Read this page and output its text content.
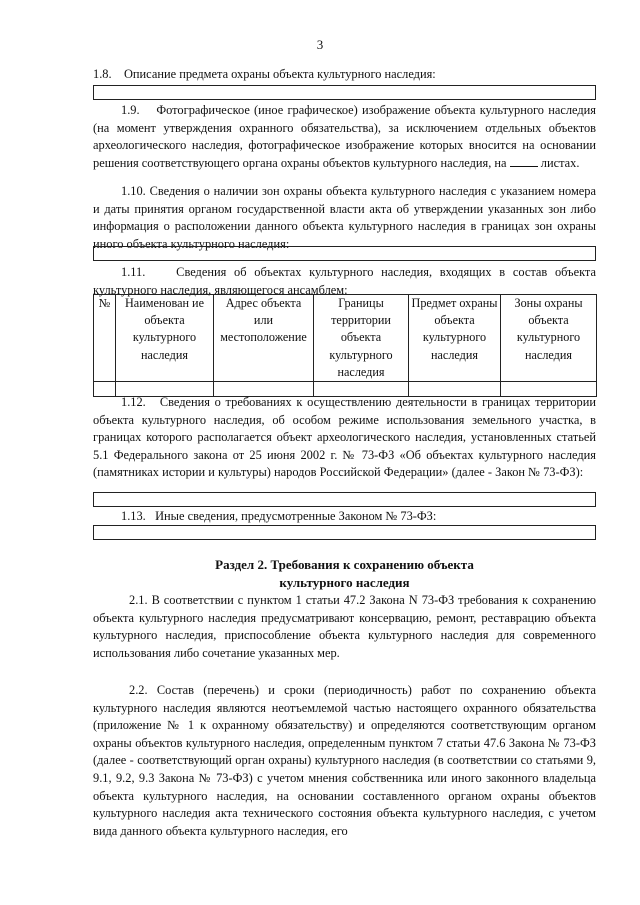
3

1.8.    Описание предмета охраны объекта культурного наследия:

1.9.    Фотографическое (иное графическое) изображение объекта культурного наследия (на момент утверждения охранного обязательства), за исключением отдельных объектов археологического наследия, фотографическое изображение которых вносится на основании решения соответствующего органа охраны объектов культурного наследия, на	листах.

1.10. Сведения о наличии зон охраны объекта культурного наследия с указанием номера и даты принятия органом государственной власти акта об утверждении указанных зон либо информация о расположении данного объекта культурного наследия в границах зон охраны иного объекта культурного наследия:

1.11.    Сведения об объектах культурного наследия, входящих в состав объекта культурного наследия, являющегося ансамблем:

№	Наименован ие объекта культурного наследия	Адрес объекта или местоположение	Границы территории объекта культурного наследия	Предмет охраны объекта культурного наследия	Зоны охраны объекта культурного наследия

1.12.   Сведения о требованиях к осуществлению деятельности в границах территории объекта культурного наследия, об особом режиме использования земельного участка, в границах которого располагается объект археологического наследия, установленных статьей 5.1 Федерального закона от 25 июня 2002 г. № 73-ФЗ «Об объектах культурного наследия (памятниках истории и культуры) народов Российской Федерации» (далее - Закон № 73-ФЗ):

1.13.   Иные сведения, предусмотренные Законом № 73-ФЗ:

Раздел 2. Требования к сохранению объекта
культурного наследия

2.1. В соответствии с пунктом 1 статьи 47.2 Закона N 73-ФЗ требования к сохранению объекта культурного наследия предусматривают консервацию, ремонт, реставрацию объекта культурного наследия, приспособление объекта культурного наследия для современного использования либо сочетание указанных мер.

2.2. Состав (перечень) и сроки (периодичность) работ по сохранению объекта культурного наследия являются неотъемлемой частью настоящего охранного обязательства (приложение № 1 к охранному обязательству) и определяются соответствующим органом охраны объектов культурного наследия, определенным пунктом 7 статьи 47.6 Закона № 73-ФЗ (далее - соответствующий орган охраны) культурного наследия (в соответствии со статьями 9, 9.1, 9.2, 9.3 Закона № 73-ФЗ) с учетом мнения собственника или иного законного владельца объекта культурного наследия, на основании составленного органом охраны объектов культурного наследия акта технического состояния объекта культурного наследия, с учетом вида данного объекта культурного наследия, его
